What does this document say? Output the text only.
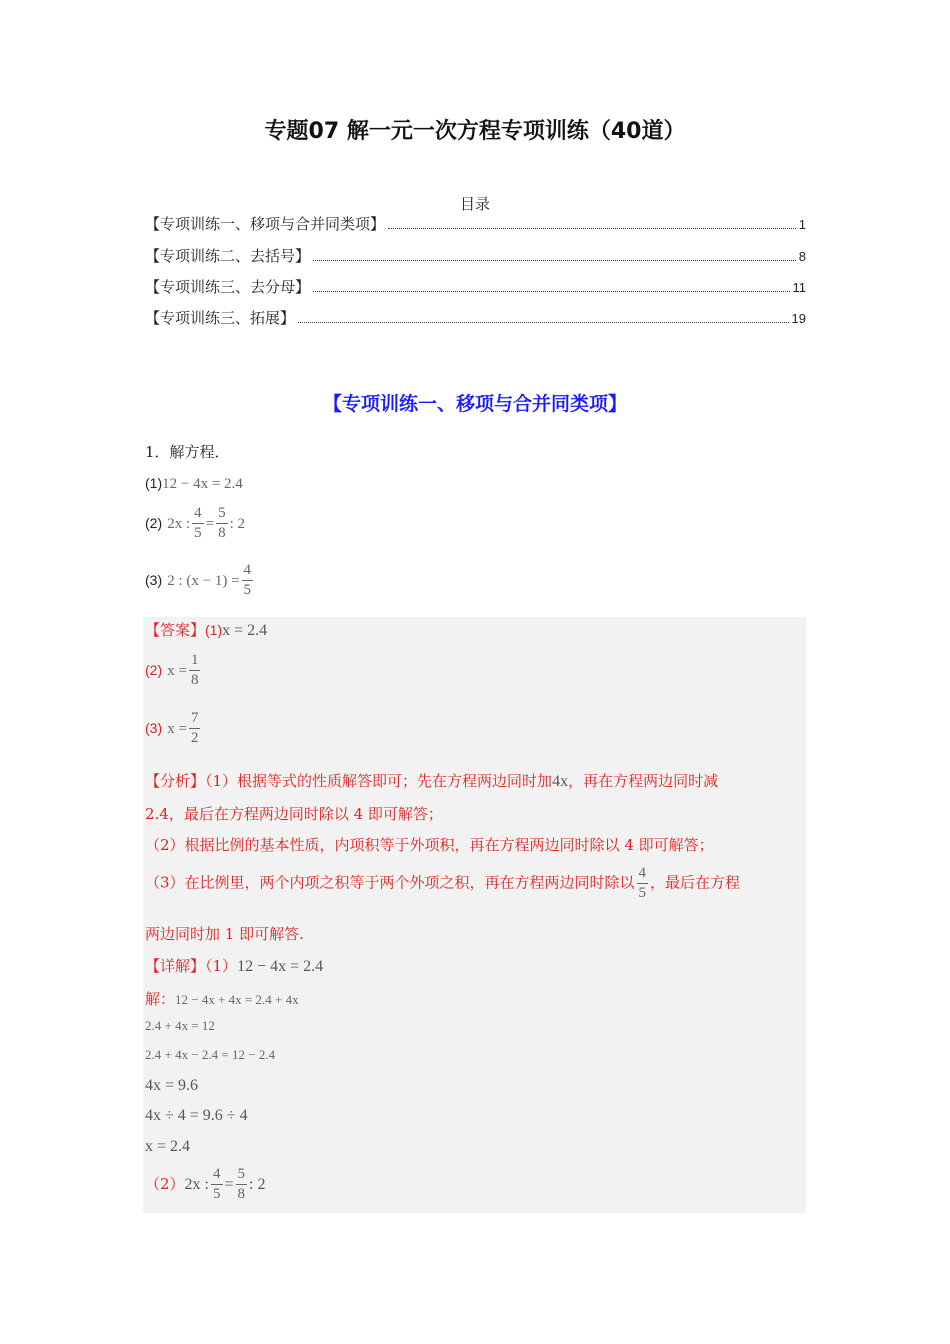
专题07 解一元一次方程专项训练（40道）
目录
【专项训练一、移项与合并同类项】	1
【专项训练二、去括号】	8
【专项训练三、去分母】	11
【专项训练三、拓展】	19
【专项训练一、移项与合并同类项】
1．解方程．
(1)12 − 4x = 2.4
(2) 2x : $\frac{4}{5} = \frac{5}{8}$ : 2
(3) 2 : $(x - 1) = \frac{4}{5}$
【答案】(1)x = 2.4
(2) $x = \frac{1}{8}$
(3) $x = \frac{7}{2}$
【分析】（1）根据等式的性质解答即可；先在方程两边同时加4x，再在方程两边同时减
2.4，最后在方程两边同时除以 4 即可解答；
（2）根据比例的基本性质，内项积等于外项积，再在方程两边同时除以 4 即可解答；
（3）在比例里，两个内项之积等于两个外项之积，再在方程两边同时除以 $\frac{4}{5}$ ，最后在方程
两边同时加 1 即可解答.
【详解】（1）12 − 4x = 2.4
解：12 − 4x + 4x = 2.4 + 4x
2.4 + 4x = 12
2.4 + 4x − 2.4 = 12 − 2.4
4x = 9.6
4x ÷ 4 = 9.6 ÷ 4
x = 2.4
（2）2x : $\frac{4}{5} = \frac{5}{8}$ : 2
